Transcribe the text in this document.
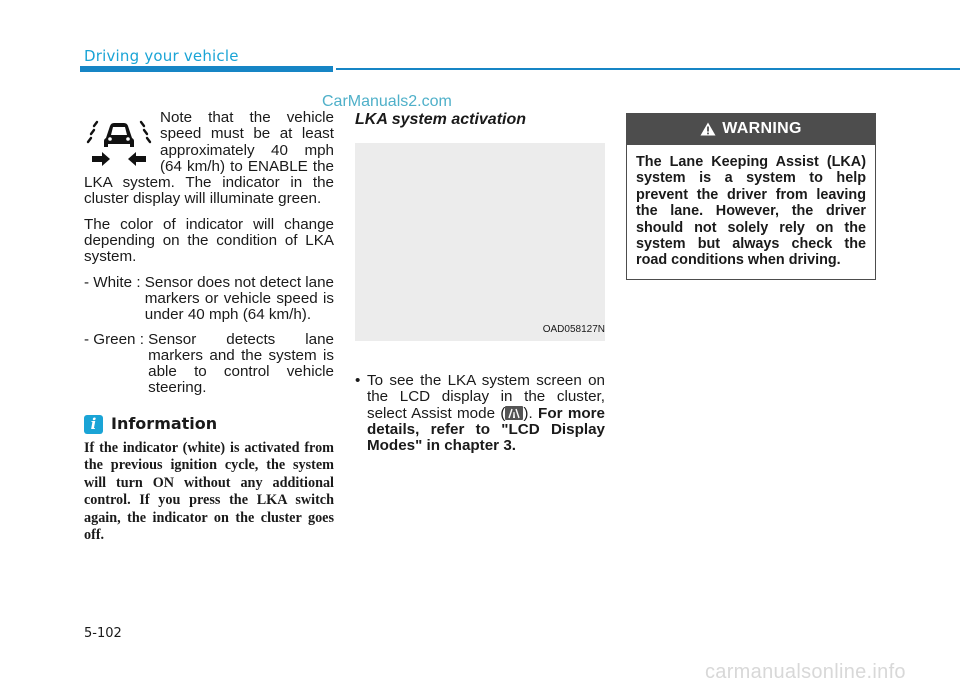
Driving your vehicle
CarManuals2.com

Note that the vehicle speed must be at least approximately 40 mph (64 km/h) to ENABLE the LKA system. The indicator in the cluster display will illuminate green.

The color of indicator will change depending on the condition of LKA system.

- White : Sensor does not detect lane markers or vehicle speed is under 40 mph (64 km/h).
- Green : Sensor detects lane markers and the system is able to control vehicle steering.
i Information

If the indicator (white) is activated from the previous ignition cycle, the system will turn ON without any additional control. If you press the LKA switch again, the indicator on the cluster goes off.

LKA system activation
OAD058127N
• To see the LKA system screen on the LCD display in the cluster, select Assist mode ( ). For more details, refer to "LCD Display Modes" in chapter 3.
WARNING
The Lane Keeping Assist (LKA) system is a system to help prevent the driver from leaving the lane. However, the driver should not solely rely on the system but always check the road conditions when driving.
5-102
carmanualsonline.info
